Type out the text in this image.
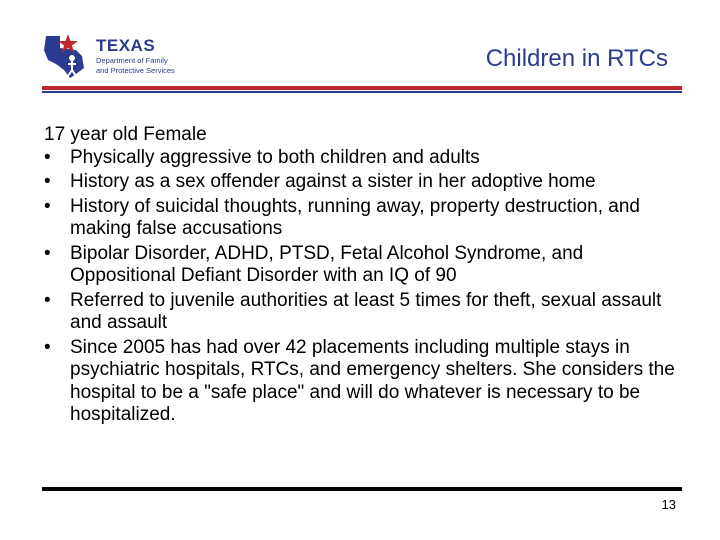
TEXAS
Department of Family
and Protective Services	Children in RTCs
17 year old Female
• Physically aggressive to both children and adults
• History as a sex offender against a sister in her adoptive home
• History of suicidal thoughts, running away, property destruction, and making false accusations
• Bipolar Disorder, ADHD, PTSD, Fetal Alcohol Syndrome, and Oppositional Defiant Disorder with an IQ of 90
• Referred to juvenile authorities at least 5 times for theft, sexual assault and assault
• Since 2005 has had over 42 placements including multiple stays in psychiatric hospitals, RTCs, and emergency shelters. She considers the hospital to be a "safe place" and will do whatever is necessary to be hospitalized.
13
